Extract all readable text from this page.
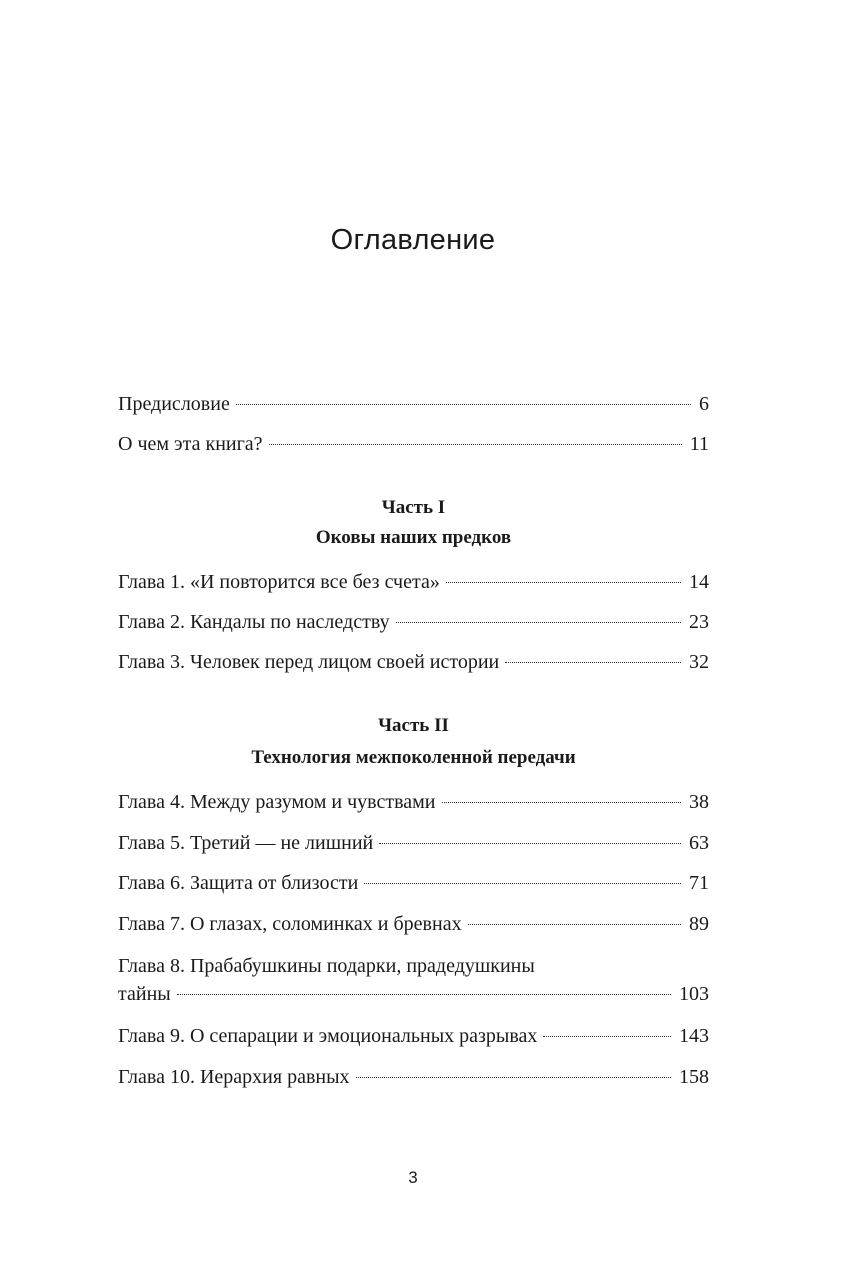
Оглавление
Предисловие	6
О чем эта книга?	11
Часть I
Оковы наших предков
Глава 1. «И повторится все без счета»	14
Глава 2. Кандалы по наследству	23
Глава 3. Человек перед лицом своей истории	32
Часть II
Технология межпоколенной передачи
Глава 4. Между разумом и чувствами	38
Глава 5. Третий — не лишний	63
Глава 6. Защита от близости	71
Глава 7. О глазах, соломинках и бревнах	89
Глава 8. Прабабушкины подарки, прадедушкины
тайны	103
Глава 9. О сепарации и эмоциональных разрывах	143
Глава 10. Иерархия равных	158
3
